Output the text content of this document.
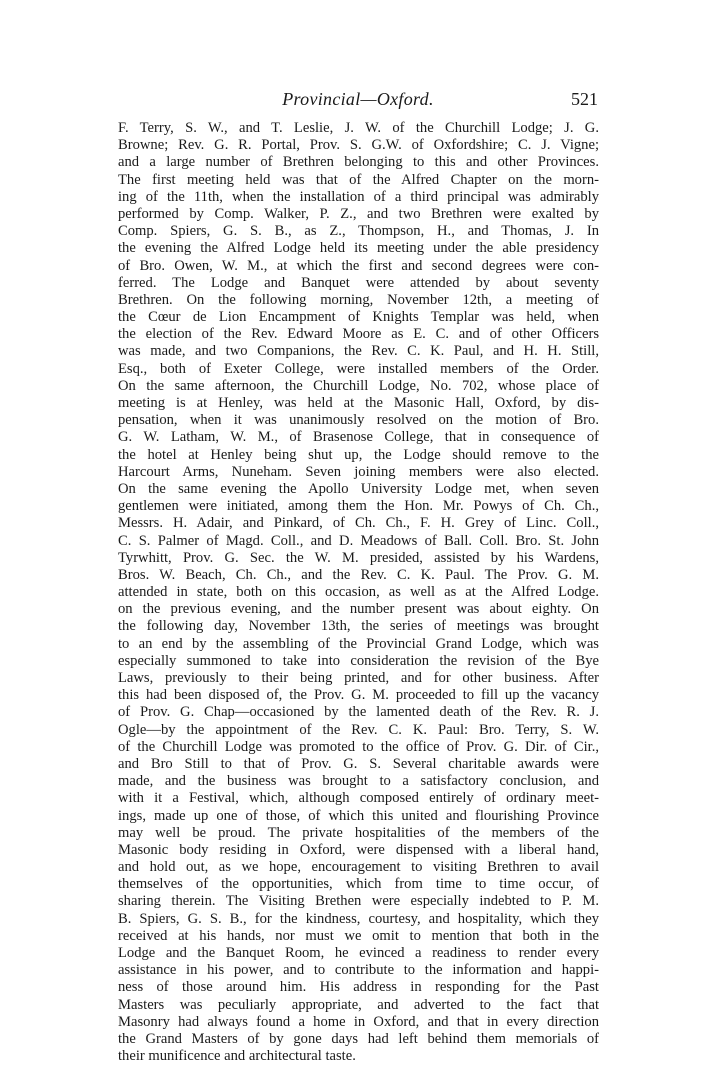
Provincial—Oxford.	521
F. Terry, S. W., and T. Leslie, J. W. of the Churchill Lodge; J. G.
Browne; Rev. G. R. Portal, Prov. S. G.W. of Oxfordshire; C. J. Vigne;
and a large number of Brethren belonging to this and other Provinces.
The first meeting held was that of the Alfred Chapter on the morn-
ing of the 11th, when the installation of a third principal was admirably
performed by Comp. Walker, P. Z., and two Brethren were exalted by
Comp. Spiers, G. S. B., as Z., Thompson, H., and Thomas, J. In
the evening the Alfred Lodge held its meeting under the able presidency
of Bro. Owen, W. M., at which the first and second degrees were con-
ferred. The Lodge and Banquet were attended by about seventy
Brethren. On the following morning, November 12th, a meeting of
the Cœur de Lion Encampment of Knights Templar was held, when
the election of the Rev. Edward Moore as E. C. and of other Officers
was made, and two Companions, the Rev. C. K. Paul, and H. H. Still,
Esq., both of Exeter College, were installed members of the Order.
On the same afternoon, the Churchill Lodge, No. 702, whose place of
meeting is at Henley, was held at the Masonic Hall, Oxford, by dis-
pensation, when it was unanimously resolved on the motion of Bro.
G. W. Latham, W. M., of Brasenose College, that in consequence of
the hotel at Henley being shut up, the Lodge should remove to the
Harcourt Arms, Nuneham. Seven joining members were also elected.
On the same evening the Apollo University Lodge met, when seven
gentlemen were initiated, among them the Hon. Mr. Powys of Ch. Ch.,
Messrs. H. Adair, and Pinkard, of Ch. Ch., F. H. Grey of Linc. Coll.,
C. S. Palmer of Magd. Coll., and D. Meadows of Ball. Coll. Bro. St. John
Tyrwhitt, Prov. G. Sec. the W. M. presided, assisted by his Wardens,
Bros. W. Beach, Ch. Ch., and the Rev. C. K. Paul. The Prov. G. M.
attended in state, both on this occasion, as well as at the Alfred Lodge.
on the previous evening, and the number present was about eighty. On
the following day, November 13th, the series of meetings was brought
to an end by the assembling of the Provincial Grand Lodge, which was
especially summoned to take into consideration the revision of the Bye
Laws, previously to their being printed, and for other business. After
this had been disposed of, the Prov. G. M. proceeded to fill up the vacancy
of Prov. G. Chap—occasioned by the lamented death of the Rev. R. J.
Ogle—by the appointment of the Rev. C. K. Paul: Bro. Terry, S. W.
of the Churchill Lodge was promoted to the office of Prov. G. Dir. of Cir.,
and Bro Still to that of Prov. G. S. Several charitable awards were
made, and the business was brought to a satisfactory conclusion, and
with it a Festival, which, although composed entirely of ordinary meet-
ings, made up one of those, of which this united and flourishing Province
may well be proud. The private hospitalities of the members of the
Masonic body residing in Oxford, were dispensed with a liberal hand,
and hold out, as we hope, encouragement to visiting Brethren to avail
themselves of the opportunities, which from time to time occur, of
sharing therein. The Visiting Brethen were especially indebted to P. M.
B. Spiers, G. S. B., for the kindness, courtesy, and hospitality, which they
received at his hands, nor must we omit to mention that both in the
Lodge and the Banquet Room, he evinced a readiness to render every
assistance in his power, and to contribute to the information and happi-
ness of those around him. His address in responding for the Past
Masters was peculiarly appropriate, and adverted to the fact that
Masonry had always found a home in Oxford, and that in every direction
the Grand Masters of by gone days had left behind them memorials of
their munificence and architectural taste.
